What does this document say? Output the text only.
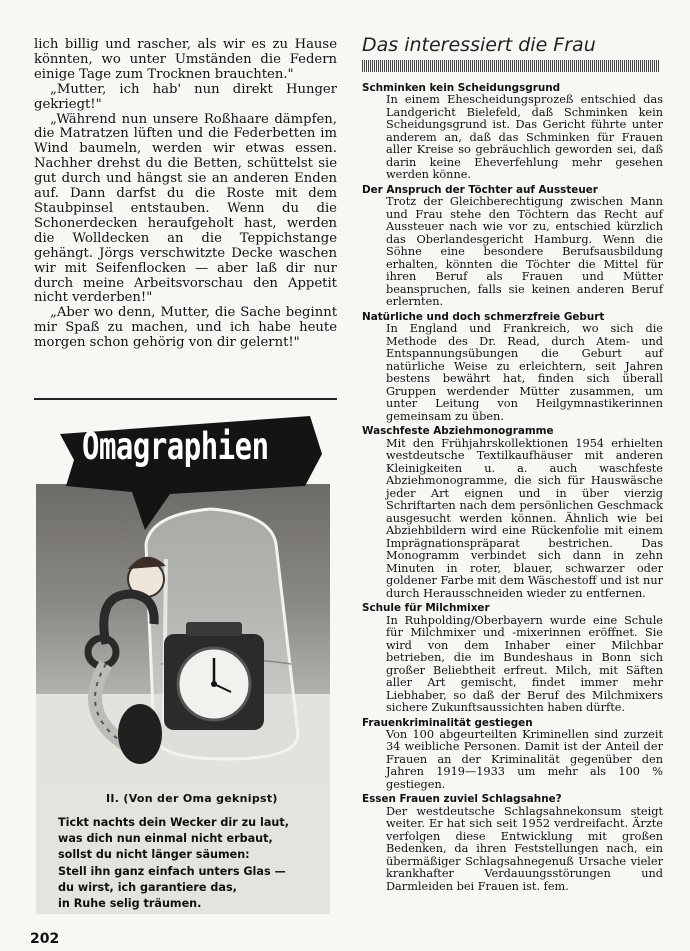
lich billig und rascher, als wir es zu Hause könnten, wo unter Umständen die Federn einige Tage zum Trocknen brauchten."

„Mutter, ich hab' nun direkt Hunger gekriegt!"

„Während nun unsere Roßhaare dämpfen, die Matratzen lüften und die Federbetten im Wind baumeln, werden wir etwas essen. Nachher drehst du die Betten, schüttelst sie gut durch und hängst sie an anderen Enden auf. Dann darfst du die Roste mit dem Staubpinsel entstauben. Wenn du die Schonerdecken heraufgeholt hast, werden die Wolldecken an die Teppichstange gehängt. Jörgs verschwitzte Decke waschen wir mit Seifenflocken — aber laß dir nur durch meine Arbeitsvorschau den Appetit nicht verderben!"

„Aber wo denn, Mutter, die Sache beginnt mir Spaß zu machen, und ich habe heute morgen schon gehörig von dir gelernt!"

Omagraphien
II. (Von der Oma geknipst)
Tickt nachts dein Wecker dir zu laut,
was dich nun einmal nicht erbaut,
sollst du nicht länger säumen:
Stell ihn ganz einfach unters Glas —
du wirst, ich garantiere das,
in Ruhe selig träumen.
202
Das interessiert die Frau
Schminken kein Scheidungsgrund

In einem Ehescheidungsprozeß entschied das Landgericht Bielefeld, daß Schminken kein Scheidungsgrund ist. Das Gericht führte unter anderem an, daß das Schminken für Frauen aller Kreise so gebräuchlich geworden sei, daß darin keine Eheverfehlung mehr gesehen werden könne.

Der Anspruch der Töchter auf Aussteuer

Trotz der Gleichberechtigung zwischen Mann und Frau stehe den Töchtern das Recht auf Aussteuer nach wie vor zu, entschied kürzlich das Oberlandesgericht Hamburg. Wenn die Söhne eine besondere Berufsausbildung erhalten, könnten die Töchter die Mittel für ihren Beruf als Frauen und Mütter beanspruchen, falls sie keinen anderen Beruf erlernten.

Natürliche und doch schmerzfreie Geburt

In England und Frankreich, wo sich die Methode des Dr. Read, durch Atem- und Entspannungsübungen die Geburt auf natürliche Weise zu erleichtern, seit Jahren bestens bewährt hat, finden sich überall Gruppen werdender Mütter zusammen, um unter Leitung von Heilgymnastikerinnen gemeinsam zu üben.

Waschfeste Abziehmonogramme

Mit den Frühjahrskollektionen 1954 erhielten westdeutsche Textilkaufhäuser mit anderen Kleinigkeiten u. a. auch waschfeste Abziehmonogramme, die sich für Hauswäsche jeder Art eignen und in über vierzig Schriftarten nach dem persönlichen Geschmack ausgesucht werden können. Ähnlich wie bei Abziehbildern wird eine Rückenfolie mit einem Imprägnationspräparat bestrichen. Das Monogramm verbindet sich dann in zehn Minuten in roter, blauer, schwarzer oder goldener Farbe mit dem Wäschestoff und ist nur durch Herausschneiden wieder zu entfernen.

Schule für Milchmixer

In Ruhpolding/Oberbayern wurde eine Schule für Milchmixer und -mixerinnen eröffnet. Sie wird von dem Inhaber einer Milchbar betrieben, die im Bundeshaus in Bonn sich großer Beliebtheit erfreut. Milch, mit Säften aller Art gemischt, findet immer mehr Liebhaber, so daß der Beruf des Milchmixers sichere Zukunftsaussichten haben dürfte.

Frauenkriminalität gestiegen

Von 100 abgeurteilten Kriminellen sind zurzeit 34 weibliche Personen. Damit ist der Anteil der Frauen an der Kriminalität gegenüber den Jahren 1919—1933 um mehr als 100 % gestiegen.

Essen Frauen zuviel Schlagsahne?

Der westdeutsche Schlagsahnekonsum steigt weiter. Er hat sich seit 1952 verdreifacht. Ärzte verfolgen diese Entwicklung mit großen Bedenken, da ihren Feststellungen nach, ein übermäßiger Schlagsahnegenuß Ursache vieler krankhafter Verdauungsstörungen und Darmleiden bei Frauen ist. fem.
